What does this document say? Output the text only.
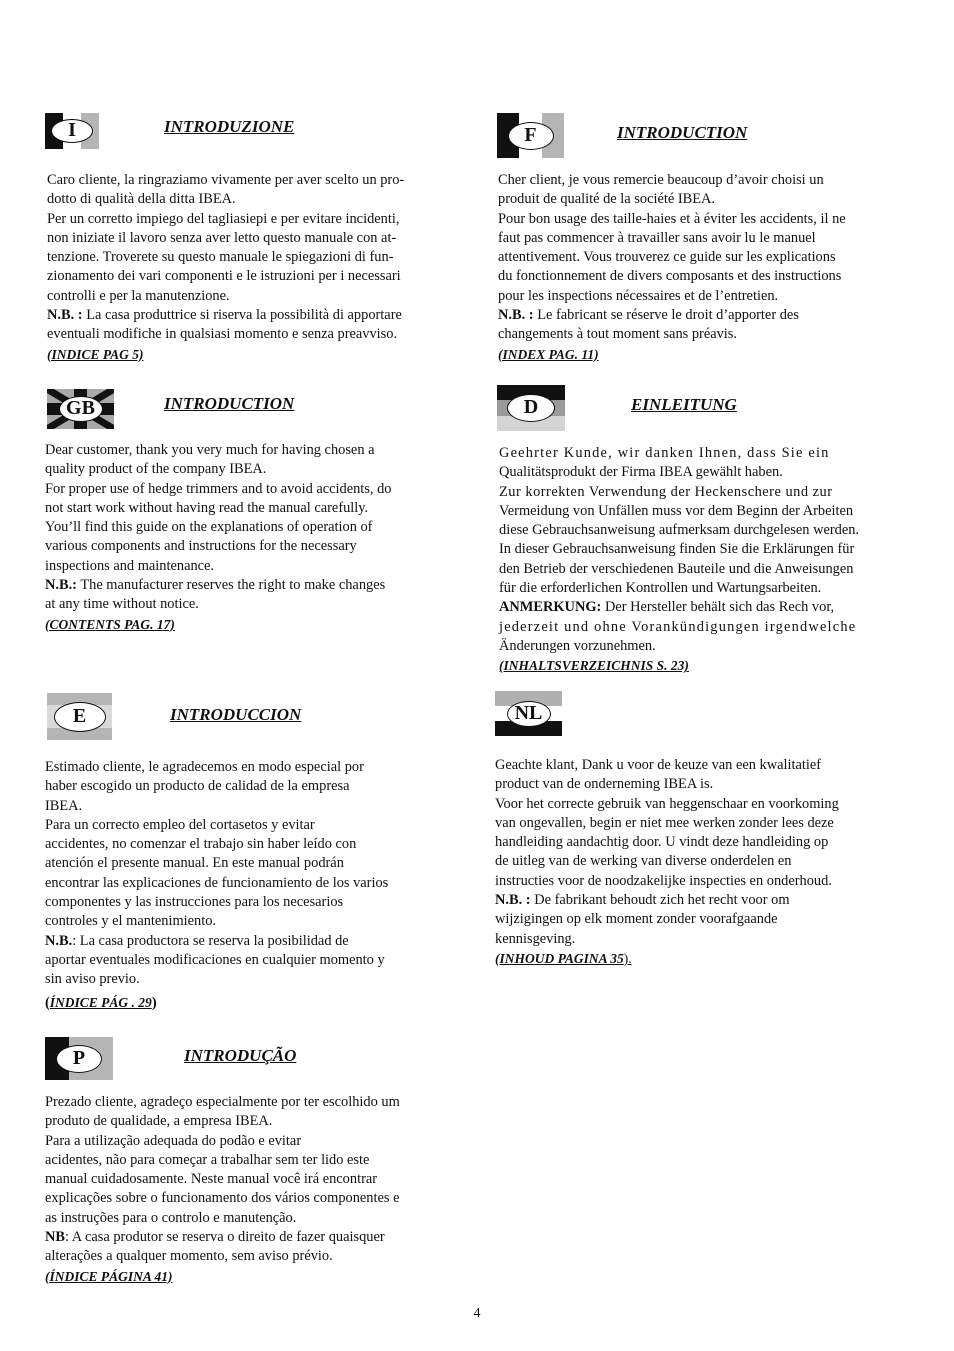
I	INTRODUZIONE

Caro cliente, la ringraziamo vivamente per aver scelto un pro-

dotto di qualità della ditta IBEA.

Per un corretto impiego del tagliasiepi e per evitare incidenti,

non iniziate il lavoro senza aver letto questo manuale con at-

tenzione. Troverete su questo manuale le spiegazioni di fun-

zionamento dei vari componenti e le istruzioni per i necessari

controlli e per la manutenzione.

N.B. : La casa produttrice si riserva la possibilità di apportare

eventuali modifiche in qualsiasi momento e senza preavviso.

(INDICE PAG 5)

GB	INTRODUCTION

Dear customer, thank you very much for having chosen a

quality product of the company IBEA.

For proper use of hedge trimmers and to avoid accidents, do

not start work without having read the manual carefully.

You’ll find this guide on the explanations of operation of

various components and instructions for the necessary

inspections and maintenance.

N.B.: The manufacturer reserves the right to make changes

at any time without notice.

(CONTENTS PAG. 17)

E	INTRODUCCION

Estimado cliente, le agradecemos en modo especial por

haber escogido un producto de calidad de la empresa

IBEA.

Para un correcto empleo del cortasetos y evitar

accidentes, no comenzar el trabajo sin haber leído con

atención el presente manual. En este manual podrán

encontrar las explicaciones de funcionamiento de los varios

componentes y las instrucciones para los necesarios

controles y el mantenimiento.

N.B.: La casa productora se reserva la posibilidad de

aportar eventuales modificaciones en cualquier momento y

sin aviso previo.

(ÍNDICE PÁG . 29)

P	INTRODUÇÃO

Prezado cliente, agradeço especialmente por ter escolhido um

produto de qualidade, a empresa IBEA.

Para a utilização adequada do podão e evitar

acidentes, não para começar a trabalhar sem ter lido este

manual cuidadosamente. Neste manual você irá encontrar

explicações sobre o funcionamento dos vários componentes e

as instruções para o controlo e manutenção.

NB: A casa produtor se reserva o direito de fazer quaisquer

alterações a qualquer momento, sem aviso prévio.

(ÍNDICE PÁGINA 41)

F	INTRODUCTION

Cher client, je vous remercie beaucoup d’avoir choisi un

produit de qualité de la société IBEA.

Pour bon usage des taille-haies et à éviter les accidents, il ne

faut pas commencer à travailler sans avoir lu le manuel

attentivement. Vous trouverez ce guide sur les explications

du fonctionnement de divers composants et des instructions

pour les inspections nécessaires et de l’entretien.

N.B. : Le fabricant se réserve le droit d’apporter des

changements à tout moment sans préavis.

(INDEX PAG. 11)

D	EINLEITUNG

Geehrter Kunde, wir danken Ihnen, dass Sie ein

Qualitätsprodukt der Firma IBEA gewählt haben.

Zur korrekten Verwendung der Heckenschere und zur

Vermeidung von Unfällen muss vor dem Beginn der Arbeiten

diese Gebrauchsanweisung aufmerksam durchgelesen werden.

In dieser Gebrauchsanweisung finden Sie die Erklärungen für

den Betrieb der verschiedenen Bauteile und die Anweisungen

für die erforderlichen Kontrollen und Wartungsarbeiten.

ANMERKUNG: Der Hersteller behält sich das Rech vor,

jederzeit und ohne Vorankündigungen irgendwelche

Änderungen vorzunehmen.

(INHALTSVERZEICHNIS S. 23)

NL

Geachte klant, Dank u voor de keuze van een kwalitatief

product van de onderneming IBEA is.

Voor het correcte gebruik van heggenschaar en voorkoming

van ongevallen, begin er niet mee werken zonder lees deze

handleiding aandachtig door. U vindt deze handleiding op

de uitleg van de werking van diverse onderdelen en

instructies voor de noodzakelijke inspecties en onderhoud.

N.B. : De fabrikant behoudt zich het recht voor om

wijzigingen op elk moment zonder voorafgaande

kennisgeving.

(INHOUD PAGINA 35).

4
